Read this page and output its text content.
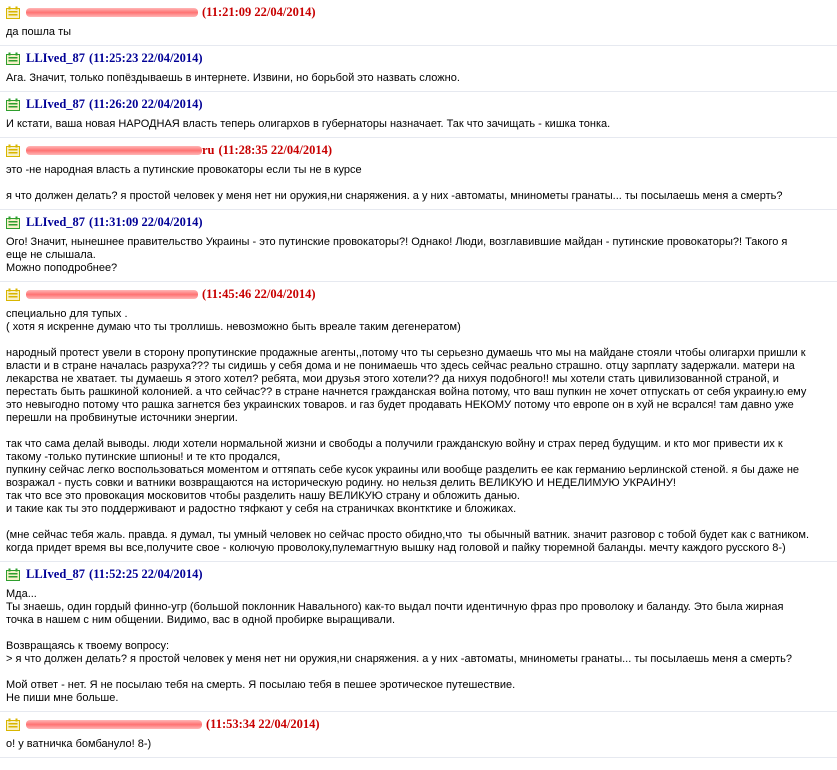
(11:21:09 22/04/2014)

да пошла ты

LLIved_87 (11:25:23 22/04/2014)

Ага. Значит, только попёздываешь в интернете. Извини, но борьбой это назвать сложно.

LLIved_87 (11:26:20 22/04/2014)

И кстати, ваша новая НАРОДНАЯ власть теперь олигархов в губернаторы назначает. Так что зачищать - кишка тонка.

ru (11:28:35 22/04/2014)

это -не народная власть а путинские провокаторы если ты не в курсе

я что должен делать? я простой человек у меня нет ни оружия,ни снаряжения. а у них -автоматы, мнинометы гранаты... ты посылаешь меня а смерть?

LLIved_87 (11:31:09 22/04/2014)

Ого! Значит, нынешнее правительство Украины - это путинские провокаторы?! Однако! Люди, возглавившие майдан - путинские провокаторы?! Такого я

еще не слышала.

Можно поподробнее?

(11:45:46 22/04/2014)

специально для тупых .

( хотя я искренне думаю что ты троллишь. невозможно быть вреале таким дегенератом)

народный протест увели в сторону пропутинские продажные агенты,,потому что ты серьезно думаешь что мы на майдане стояли чтобы олигархи пришли к

власти и в стране началась разруха??? ты сидишь у себя дома и не понимаешь что здесь сейчас реально страшно. отцу зарплату задержали. матери на

лекарства не хватает. ты думаешь я этого хотел? ребята, мои друзья этого хотели?? да нихуя подобного!! мы хотели стать цивилизованной страной, и

перестать быть рашкиной колонией. а что сейчас?? в стране начнется гражданская война потому, что ваш пупкин не хочет отпускать от себя украину.ю ему

это невыгодно потому что рашка загнется без украинских товаров. и газ будет продавать НЕКОМУ потому что европе он в хуй не всрался! там давно уже

перешли на пробвинутые источники энергии.

так что сама делай выводы. люди хотели нормальной жизни и свободы а получили гражданскую войну и страх перед будущим. и кто мог привести их к

такому -только путинские шпионы! и те кто продался,

пупкину сейчас легко воспользоваться моментом и оттяпать себе кусок украины или вообще разделить ее как германию ьерлинской стеной. я бы даже не

возражал - пусть совки и ватники возвращаются на историческую родину. но нельзя делить ВЕЛИКУЮ И НЕДЕЛИМУЮ УКРАИНУ!

так что все это провокация московитов чтобы разделить нашу ВЕЛИКУЮ страну и обложить данью.

и такие как ты это поддерживают и радостно тяфкают у себя на страничках вконтктике и бложиках.

(мне сейчас тебя жаль. правда. я думал, ты умный человек но сейчас просто обидно,что  ты обычный ватник. значит разговор с тобой будет как с ватником.

когда придет время вы все,получите свое - колючую проволоку,пулемагтную вышку над головой и пайку тюремной баланды. мечту каждого русского 8-)

LLIved_87 (11:52:25 22/04/2014)

Мда...

Ты знаешь, один гордый финно-угр (большой поклонник Навального) как-то выдал почти идентичную фраз про проволоку и баланду. Это была жирная

точка в нашем с ним общении. Видимо, вас в одной пробирке выращивали.

Возвращаясь к твоему вопросу:

> я что должен делать? я простой человек у меня нет ни оружия,ни снаряжения. а у них -автоматы, мнинометы гранаты... ты посылаешь меня а смерть?

Мой ответ - нет. Я не посылаю тебя на смерть. Я посылаю тебя в пешее эротическое путешествие.

Не пиши мне больше.

(11:53:34 22/04/2014)

о! у ватничка бомбануло! 8-)
